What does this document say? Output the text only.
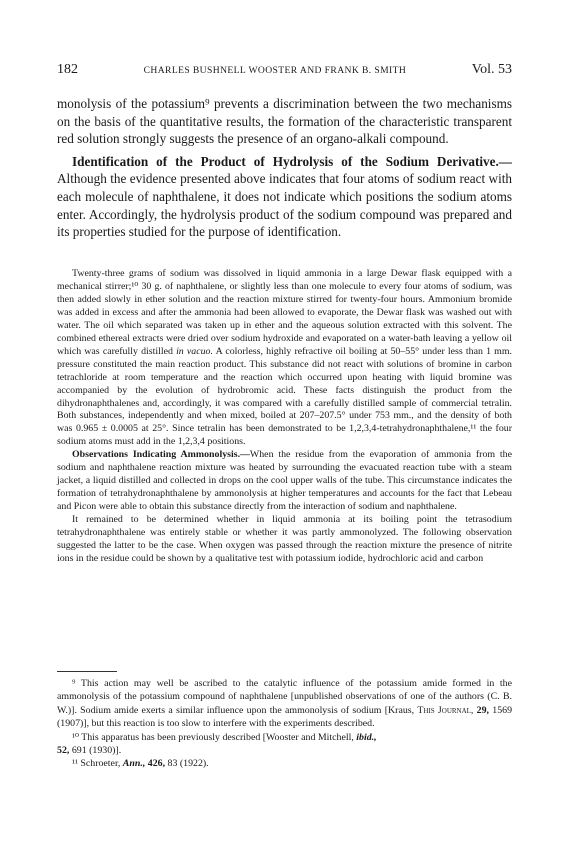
182	CHARLES BUSHNELL WOOSTER AND FRANK B. SMITH	Vol. 53

monolysis of the potassium⁹ prevents a discrimination between the two mechanisms on the basis of the quantitative results, the formation of the characteristic transparent red solution strongly suggests the presence of an organo-alkali compound.

Identification of the Product of Hydrolysis of the Sodium Derivative.—Although the evidence presented above indicates that four atoms of sodium react with each molecule of naphthalene, it does not indicate which positions the sodium atoms enter. Accordingly, the hydrolysis product of the sodium compound was prepared and its properties studied for the purpose of identification.

Twenty-three grams of sodium was dissolved in liquid ammonia in a large Dewar flask equipped with a mechanical stirrer;¹⁰ 30 g. of naphthalene, or slightly less than one molecule to every four atoms of sodium, was then added slowly in ether solution and the reaction mixture stirred for twenty-four hours. Ammonium bromide was added in excess and after the ammonia had been allowed to evaporate, the Dewar flask was washed out with water. The oil which separated was taken up in ether and the aqueous solution extracted with this solvent. The combined ethereal extracts were dried over sodium hydroxide and evaporated on a water-bath leaving a yellow oil which was carefully distilled in vacuo. A colorless, highly refractive oil boiling at 50–55° under less than 1 mm. pressure constituted the main reaction product. This substance did not react with solutions of bromine in carbon tetrachloride at room temperature and the reaction which occurred upon heating with liquid bromine was accompanied by the evolution of hydrobromic acid. These facts distinguish the product from the dihydronaphthalenes and, accordingly, it was compared with a carefully distilled sample of commercial tetralin. Both substances, independently and when mixed, boiled at 207–207.5° under 753 mm., and the density of both was 0.965 ± 0.0005 at 25°. Since tetralin has been demonstrated to be 1,2,3,4-tetrahydronaphthalene,¹¹ the four sodium atoms must add in the 1,2,3,4 positions.

Observations Indicating Ammonolysis.—When the residue from the evaporation of ammonia from the sodium and naphthalene reaction mixture was heated by surrounding the evacuated reaction tube with a steam jacket, a liquid distilled and collected in drops on the cool upper walls of the tube. This circumstance indicates the formation of tetrahydronaphthalene by ammonolysis at higher temperatures and accounts for the fact that Lebeau and Picon were able to obtain this substance directly from the interaction of sodium and naphthalene.

It remained to be determined whether in liquid ammonia at its boiling point the tetrasodium tetrahydronaphthalene was entirely stable or whether it was partly ammonolyzed. The following observation suggested the latter to be the case. When oxygen was passed through the reaction mixture the presence of nitrite ions in the residue could be shown by a qualitative test with potassium iodide, hydrochloric acid and carbon

⁹ This action may well be ascribed to the catalytic influence of the potassium amide formed in the ammonolysis of the potassium compound of naphthalene [unpublished observations of one of the authors (C. B. W.)]. Sodium amide exerts a similar influence upon the ammonolysis of sodium [Kraus, This Journal, 29, 1569 (1907)], but this reaction is too slow to interfere with the experiments described.

¹⁰ This apparatus has been previously described [Wooster and Mitchell, ibid.,
52, 691 (1930)].

¹¹ Schroeter, Ann., 426, 83 (1922).
